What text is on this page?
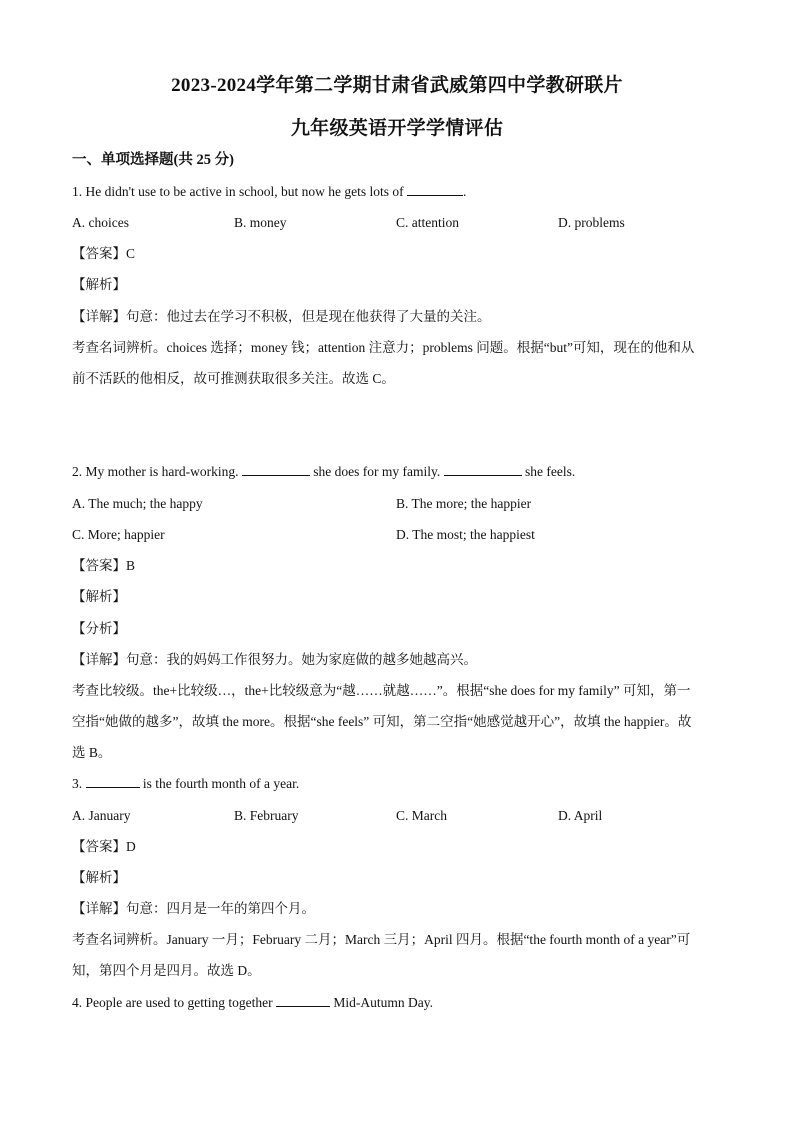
2023-2024学年第二学期甘肃省武威第四中学教研联片
九年级英语开学学情评估
一、单项选择题(共 25 分)
1. He didn't use to be active in school, but now he gets lots of	.
A. choices	B. money	C. attention	D. problems
【答案】C
【解析】
【详解】句意：他过去在学习不积极，但是现在他获得了大量的关注。
考查名词辨析。choices 选择；money 钱；attention 注意力；problems 问题。根据“but”可知，现在的他和从
前不活跃的他相反，故可推测获取很多关注。故选 C。
2. My mother is hard-working.	she does for my family.	she feels.
A. The much; the happy	B. The more; the happier
C. More; happier	D. The most; the happiest
【答案】B
【解析】
【分析】
【详解】句意：我的妈妈工作很努力。她为家庭做的越多她越高兴。
考查比较级。the+比较级…，the+比较级意为“越……就越……”。根据“she does for my family” 可知，第一
空指“她做的越多”，故填 the more。根据“she feels” 可知，第二空指“她感觉越开心”，故填 the happier。故
选 B。
3.	is the fourth month of a year.
A. January	B. February	C. March	D. April
【答案】D
【解析】
【详解】句意：四月是一年的第四个月。
考查名词辨析。January 一月；February 二月；March 三月；April 四月。根据“the fourth month of a year”可
知，第四个月是四月。故选 D。
4. People are used to getting together	Mid-Autumn Day.
